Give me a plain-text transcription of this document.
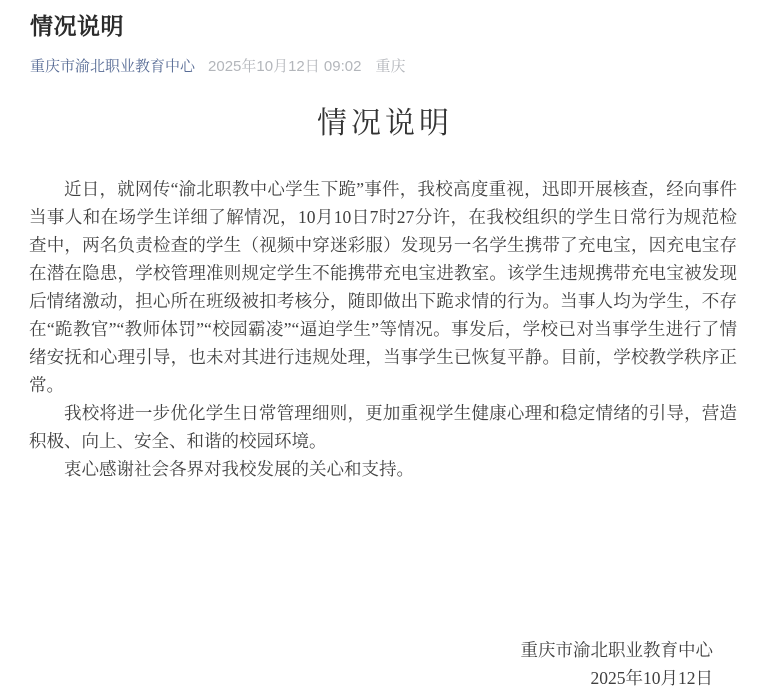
情况说明
重庆市渝北职业教育中心 2025年10月12日 09:02 重庆
情况说明

近日，就网传“渝北职教中心学生下跪”事件，我校高度重视，迅即开展核查，经向事件当事人和在场学生详细了解情况，10月10日7时27分许，在我校组织的学生日常行为规范检查中，两名负责检查的学生（视频中穿迷彩服）发现另一名学生携带了充电宝，因充电宝存在潜在隐患，学校管理准则规定学生不能携带充电宝进教室。该学生违规携带充电宝被发现后情绪激动，担心所在班级被扣考核分，随即做出下跪求情的行为。当事人均为学生，不存在“跪教官”“教师体罚”“校园霸凌”“逼迫学生”等情况。事发后，学校已对当事学生进行了情绪安抚和心理引导，也未对其进行违规处理，当事学生已恢复平静。目前，学校教学秩序正常。

我校将进一步优化学生日常管理细则，更加重视学生健康心理和稳定情绪的引导，营造积极、向上、安全、和谐的校园环境。

衷心感谢社会各界对我校发展的关心和支持。

重庆市渝北职业教育中心
2025年10月12日
